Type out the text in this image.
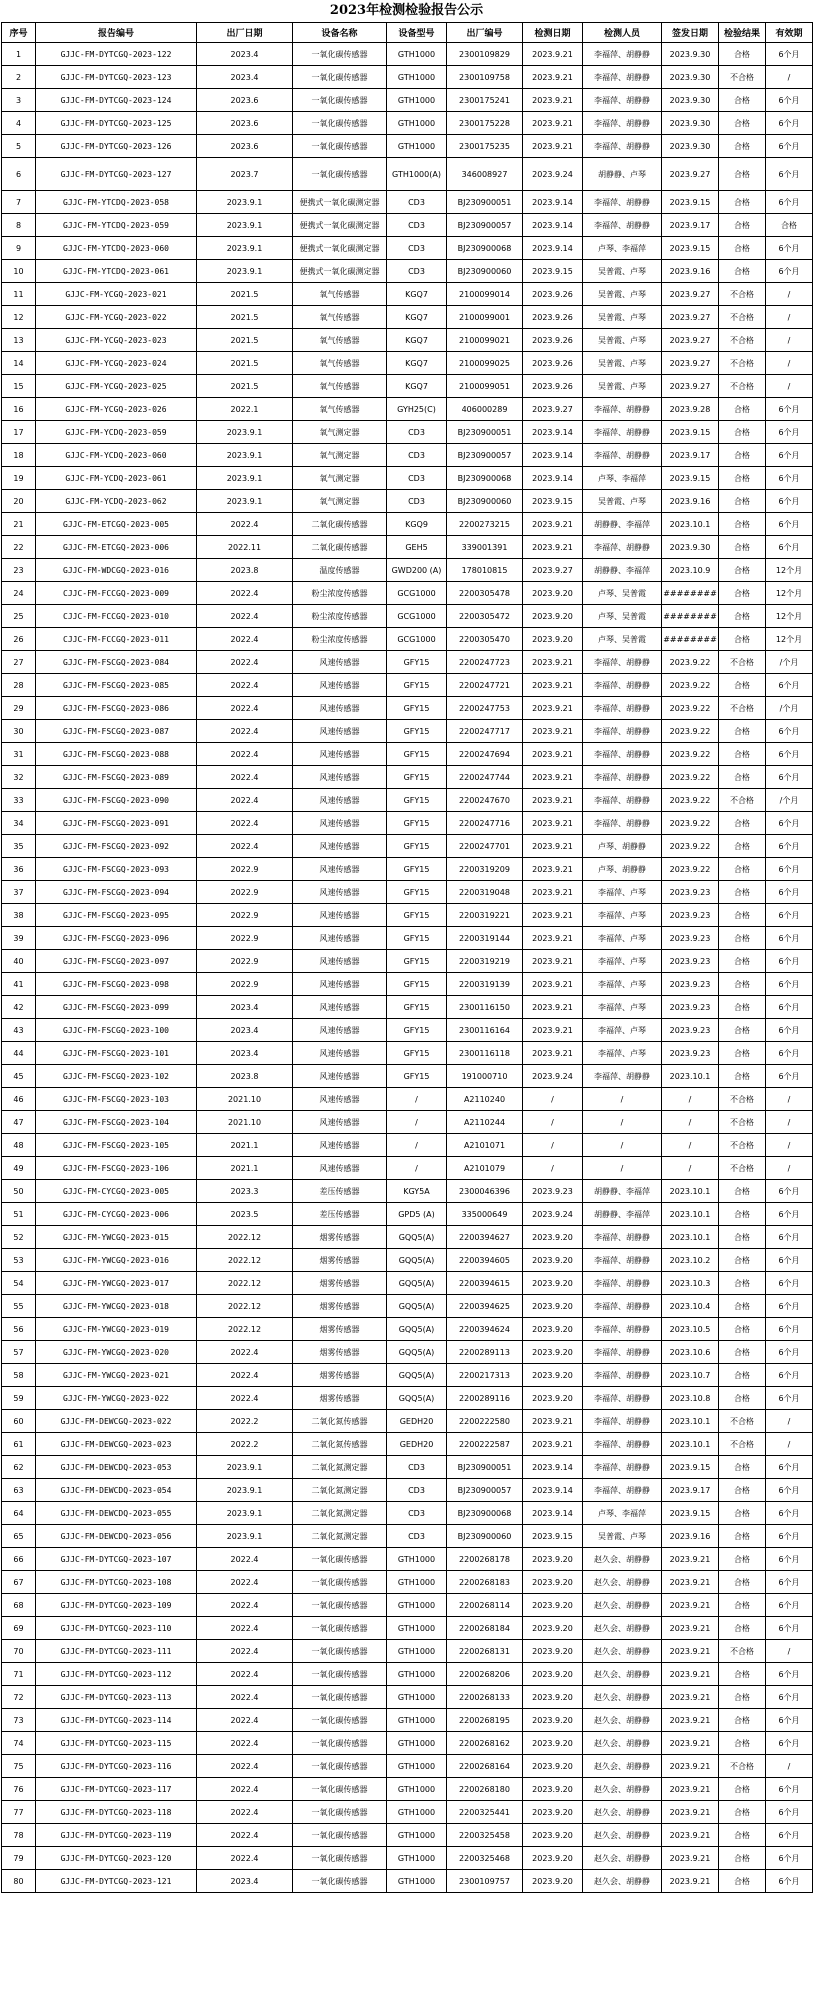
2023年检测检验报告公示
序号	报告编号	出厂日期	设备名称	设备型号	出厂编号	检测日期	检测人员	签发日期	检验结果	有效期
1	GJJC-FM-DYTCGQ-2023-122	2023.4	一氧化碳传感器	GTH1000	2300109829	2023.9.21	李福萍、胡静静	2023.9.30	合格	6个月
2	GJJC-FM-DYTCGQ-2023-123	2023.4	一氧化碳传感器	GTH1000	2300109758	2023.9.21	李福萍、胡静静	2023.9.30	不合格	/
3	GJJC-FM-DYTCGQ-2023-124	2023.6	一氧化碳传感器	GTH1000	2300175241	2023.9.21	李福萍、胡静静	2023.9.30	合格	6个月
4	GJJC-FM-DYTCGQ-2023-125	2023.6	一氧化碳传感器	GTH1000	2300175228	2023.9.21	李福萍、胡静静	2023.9.30	合格	6个月
5	GJJC-FM-DYTCGQ-2023-126	2023.6	一氧化碳传感器	GTH1000	2300175235	2023.9.21	李福萍、胡静静	2023.9.30	合格	6个月
6	GJJC-FM-DYTCGQ-2023-127	2023.7	一氧化碳传感器	GTH1000(A)	346008927	2023.9.24	胡静静、卢琴	2023.9.27	合格	6个月
7	GJJC-FM-YTCDQ-2023-058	2023.9.1	便携式一氧化碳测定器	CD3	BJ230900051	2023.9.14	李福萍、胡静静	2023.9.15	合格	6个月
8	GJJC-FM-YTCDQ-2023-059	2023.9.1	便携式一氧化碳测定器	CD3	BJ230900057	2023.9.14	李福萍、胡静静	2023.9.17	合格	合格
9	GJJC-FM-YTCDQ-2023-060	2023.9.1	便携式一氧化碳测定器	CD3	BJ230900068	2023.9.14	卢琴、李福萍	2023.9.15	合格	6个月
10	GJJC-FM-YTCDQ-2023-061	2023.9.1	便携式一氧化碳测定器	CD3	BJ230900060	2023.9.15	吴普霞、卢琴	2023.9.16	合格	6个月
11	GJJC-FM-YCGQ-2023-021	2021.5	氧气传感器	KGQ7	2100099014	2023.9.26	吴普霞、卢琴	2023.9.27	不合格	/
12	GJJC-FM-YCGQ-2023-022	2021.5	氧气传感器	KGQ7	2100099001	2023.9.26	吴普霞、卢琴	2023.9.27	不合格	/
13	GJJC-FM-YCGQ-2023-023	2021.5	氧气传感器	KGQ7	2100099021	2023.9.26	吴普霞、卢琴	2023.9.27	不合格	/
14	GJJC-FM-YCGQ-2023-024	2021.5	氧气传感器	KGQ7	2100099025	2023.9.26	吴普霞、卢琴	2023.9.27	不合格	/
15	GJJC-FM-YCGQ-2023-025	2021.5	氧气传感器	KGQ7	2100099051	2023.9.26	吴普霞、卢琴	2023.9.27	不合格	/
16	GJJC-FM-YCGQ-2023-026	2022.1	氧气传感器	GYH25(C)	406000289	2023.9.27	李福萍、胡静静	2023.9.28	合格	6个月
17	GJJC-FM-YCDQ-2023-059	2023.9.1	氧气测定器	CD3	BJ230900051	2023.9.14	李福萍、胡静静	2023.9.15	合格	6个月
18	GJJC-FM-YCDQ-2023-060	2023.9.1	氧气测定器	CD3	BJ230900057	2023.9.14	李福萍、胡静静	2023.9.17	合格	6个月
19	GJJC-FM-YCDQ-2023-061	2023.9.1	氧气测定器	CD3	BJ230900068	2023.9.14	卢琴、李福萍	2023.9.15	合格	6个月
20	GJJC-FM-YCDQ-2023-062	2023.9.1	氧气测定器	CD3	BJ230900060	2023.9.15	吴普霞、卢琴	2023.9.16	合格	6个月
21	GJJC-FM-ETCGQ-2023-005	2022.4	二氧化碳传感器	KGQ9	2200273215	2023.9.21	胡静静、李福萍	2023.10.1	合格	6个月
22	GJJC-FM-ETCGQ-2023-006	2022.11	二氧化碳传感器	GEH5	339001391	2023.9.21	李福萍、胡静静	2023.9.30	合格	6个月
23	GJJC-FM-WDCGQ-2023-016	2023.8	温度传感器	GWD200 (A)	178010815	2023.9.27	胡静静、李福萍	2023.10.9	合格	12个月
24	CJJC-FM-FCCGQ-2023-009	2022.4	粉尘浓度传感器	GCG1000	2200305478	2023.9.20	卢琴、吴普霞	########	合格	12个月
25	CJJC-FM-FCCGQ-2023-010	2022.4	粉尘浓度传感器	GCG1000	2200305472	2023.9.20	卢琴、吴普霞	########	合格	12个月
26	CJJC-FM-FCCGQ-2023-011	2022.4	粉尘浓度传感器	GCG1000	2200305470	2023.9.20	卢琴、吴普霞	########	合格	12个月
27	GJJC-FM-FSCGQ-2023-084	2022.4	风速传感器	GFY15	2200247723	2023.9.21	李福萍、胡静静	2023.9.22	不合格	/个月
28	GJJC-FM-FSCGQ-2023-085	2022.4	风速传感器	GFY15	2200247721	2023.9.21	李福萍、胡静静	2023.9.22	合格	6个月
29	GJJC-FM-FSCGQ-2023-086	2022.4	风速传感器	GFY15	2200247753	2023.9.21	李福萍、胡静静	2023.9.22	不合格	/个月
30	GJJC-FM-FSCGQ-2023-087	2022.4	风速传感器	GFY15	2200247717	2023.9.21	李福萍、胡静静	2023.9.22	合格	6个月
31	GJJC-FM-FSCGQ-2023-088	2022.4	风速传感器	GFY15	2200247694	2023.9.21	李福萍、胡静静	2023.9.22	合格	6个月
32	GJJC-FM-FSCGQ-2023-089	2022.4	风速传感器	GFY15	2200247744	2023.9.21	李福萍、胡静静	2023.9.22	合格	6个月
33	GJJC-FM-FSCGQ-2023-090	2022.4	风速传感器	GFY15	2200247670	2023.9.21	李福萍、胡静静	2023.9.22	不合格	/个月
34	GJJC-FM-FSCGQ-2023-091	2022.4	风速传感器	GFY15	2200247716	2023.9.21	李福萍、胡静静	2023.9.22	合格	6个月
35	GJJC-FM-FSCGQ-2023-092	2022.4	风速传感器	GFY15	2200247701	2023.9.21	卢琴、胡静静	2023.9.22	合格	6个月
36	GJJC-FM-FSCGQ-2023-093	2022.9	风速传感器	GFY15	2200319209	2023.9.21	卢琴、胡静静	2023.9.22	合格	6个月
37	GJJC-FM-FSCGQ-2023-094	2022.9	风速传感器	GFY15	2200319048	2023.9.21	李福萍、卢琴	2023.9.23	合格	6个月
38	GJJC-FM-FSCGQ-2023-095	2022.9	风速传感器	GFY15	2200319221	2023.9.21	李福萍、卢琴	2023.9.23	合格	6个月
39	GJJC-FM-FSCGQ-2023-096	2022.9	风速传感器	GFY15	2200319144	2023.9.21	李福萍、卢琴	2023.9.23	合格	6个月
40	GJJC-FM-FSCGQ-2023-097	2022.9	风速传感器	GFY15	2200319219	2023.9.21	李福萍、卢琴	2023.9.23	合格	6个月
41	GJJC-FM-FSCGQ-2023-098	2022.9	风速传感器	GFY15	2200319139	2023.9.21	李福萍、卢琴	2023.9.23	合格	6个月
42	GJJC-FM-FSCGQ-2023-099	2023.4	风速传感器	GFY15	2300116150	2023.9.21	李福萍、卢琴	2023.9.23	合格	6个月
43	GJJC-FM-FSCGQ-2023-100	2023.4	风速传感器	GFY15	2300116164	2023.9.21	李福萍、卢琴	2023.9.23	合格	6个月
44	GJJC-FM-FSCGQ-2023-101	2023.4	风速传感器	GFY15	2300116118	2023.9.21	李福萍、卢琴	2023.9.23	合格	6个月
45	GJJC-FM-FSCGQ-2023-102	2023.8	风速传感器	GFY15	191000710	2023.9.24	李福萍、胡静静	2023.10.1	合格	6个月
46	GJJC-FM-FSCGQ-2023-103	2021.10	风速传感器	/	A2110240	/	/	/	不合格	/
47	GJJC-FM-FSCGQ-2023-104	2021.10	风速传感器	/	A2110244	/	/	/	不合格	/
48	GJJC-FM-FSCGQ-2023-105	2021.1	风速传感器	/	A2101071	/	/	/	不合格	/
49	GJJC-FM-FSCGQ-2023-106	2021.1	风速传感器	/	A2101079	/	/	/	不合格	/
50	GJJC-FM-CYCGQ-2023-005	2023.3	差压传感器	KGY5A	2300046396	2023.9.23	胡静静、李福萍	2023.10.1	合格	6个月
51	GJJC-FM-CYCGQ-2023-006	2023.5	差压传感器	GPD5 (A)	335000649	2023.9.24	胡静静、李福萍	2023.10.1	合格	6个月
52	GJJC-FM-YWCGQ-2023-015	2022.12	烟雾传感器	GQQ5(A)	2200394627	2023.9.20	李福萍、胡静静	2023.10.1	合格	6个月
53	GJJC-FM-YWCGQ-2023-016	2022.12	烟雾传感器	GQQ5(A)	2200394605	2023.9.20	李福萍、胡静静	2023.10.2	合格	6个月
54	GJJC-FM-YWCGQ-2023-017	2022.12	烟雾传感器	GQQ5(A)	2200394615	2023.9.20	李福萍、胡静静	2023.10.3	合格	6个月
55	GJJC-FM-YWCGQ-2023-018	2022.12	烟雾传感器	GQQ5(A)	2200394625	2023.9.20	李福萍、胡静静	2023.10.4	合格	6个月
56	GJJC-FM-YWCGQ-2023-019	2022.12	烟雾传感器	GQQ5(A)	2200394624	2023.9.20	李福萍、胡静静	2023.10.5	合格	6个月
57	GJJC-FM-YWCGQ-2023-020	2022.4	烟雾传感器	GQQ5(A)	2200289113	2023.9.20	李福萍、胡静静	2023.10.6	合格	6个月
58	GJJC-FM-YWCGQ-2023-021	2022.4	烟雾传感器	GQQ5(A)	2200217313	2023.9.20	李福萍、胡静静	2023.10.7	合格	6个月
59	GJJC-FM-YWCGQ-2023-022	2022.4	烟雾传感器	GQQ5(A)	2200289116	2023.9.20	李福萍、胡静静	2023.10.8	合格	6个月
60	GJJC-FM-DEWCGQ-2023-022	2022.2	二氧化氮传感器	GEDH20	2200222580	2023.9.21	李福萍、胡静静	2023.10.1	不合格	/
61	GJJC-FM-DEWCGQ-2023-023	2022.2	二氧化氮传感器	GEDH20	2200222587	2023.9.21	李福萍、胡静静	2023.10.1	不合格	/
62	GJJC-FM-DEWCDQ-2023-053	2023.9.1	二氧化氮测定器	CD3	BJ230900051	2023.9.14	李福萍、胡静静	2023.9.15	合格	6个月
63	GJJC-FM-DEWCDQ-2023-054	2023.9.1	二氧化氮测定器	CD3	BJ230900057	2023.9.14	李福萍、胡静静	2023.9.17	合格	6个月
64	GJJC-FM-DEWCDQ-2023-055	2023.9.1	二氧化氮测定器	CD3	BJ230900068	2023.9.14	卢琴、李福萍	2023.9.15	合格	6个月
65	GJJC-FM-DEWCDQ-2023-056	2023.9.1	二氧化氮测定器	CD3	BJ230900060	2023.9.15	吴普霞、卢琴	2023.9.16	合格	6个月
66	GJJC-FM-DYTCGQ-2023-107	2022.4	一氧化碳传感器	GTH1000	2200268178	2023.9.20	赵久会、胡静静	2023.9.21	合格	6个月
67	GJJC-FM-DYTCGQ-2023-108	2022.4	一氧化碳传感器	GTH1000	2200268183	2023.9.20	赵久会、胡静静	2023.9.21	合格	6个月
68	GJJC-FM-DYTCGQ-2023-109	2022.4	一氧化碳传感器	GTH1000	2200268114	2023.9.20	赵久会、胡静静	2023.9.21	合格	6个月
69	GJJC-FM-DYTCGQ-2023-110	2022.4	一氧化碳传感器	GTH1000	2200268184	2023.9.20	赵久会、胡静静	2023.9.21	合格	6个月
70	GJJC-FM-DYTCGQ-2023-111	2022.4	一氧化碳传感器	GTH1000	2200268131	2023.9.20	赵久会、胡静静	2023.9.21	不合格	/
71	GJJC-FM-DYTCGQ-2023-112	2022.4	一氧化碳传感器	GTH1000	2200268206	2023.9.20	赵久会、胡静静	2023.9.21	合格	6个月
72	GJJC-FM-DYTCGQ-2023-113	2022.4	一氧化碳传感器	GTH1000	2200268133	2023.9.20	赵久会、胡静静	2023.9.21	合格	6个月
73	GJJC-FM-DYTCGQ-2023-114	2022.4	一氧化碳传感器	GTH1000	2200268195	2023.9.20	赵久会、胡静静	2023.9.21	合格	6个月
74	GJJC-FM-DYTCGQ-2023-115	2022.4	一氧化碳传感器	GTH1000	2200268162	2023.9.20	赵久会、胡静静	2023.9.21	合格	6个月
75	GJJC-FM-DYTCGQ-2023-116	2022.4	一氧化碳传感器	GTH1000	2200268164	2023.9.20	赵久会、胡静静	2023.9.21	不合格	/
76	GJJC-FM-DYTCGQ-2023-117	2022.4	一氧化碳传感器	GTH1000	2200268180	2023.9.20	赵久会、胡静静	2023.9.21	合格	6个月
77	GJJC-FM-DYTCGQ-2023-118	2022.4	一氧化碳传感器	GTH1000	2200325441	2023.9.20	赵久会、胡静静	2023.9.21	合格	6个月
78	GJJC-FM-DYTCGQ-2023-119	2022.4	一氧化碳传感器	GTH1000	2200325458	2023.9.20	赵久会、胡静静	2023.9.21	合格	6个月
79	GJJC-FM-DYTCGQ-2023-120	2022.4	一氧化碳传感器	GTH1000	2200325468	2023.9.20	赵久会、胡静静	2023.9.21	合格	6个月
80	GJJC-FM-DYTCGQ-2023-121	2023.4	一氧化碳传感器	GTH1000	2300109757	2023.9.20	赵久会、胡静静	2023.9.21	合格	6个月
